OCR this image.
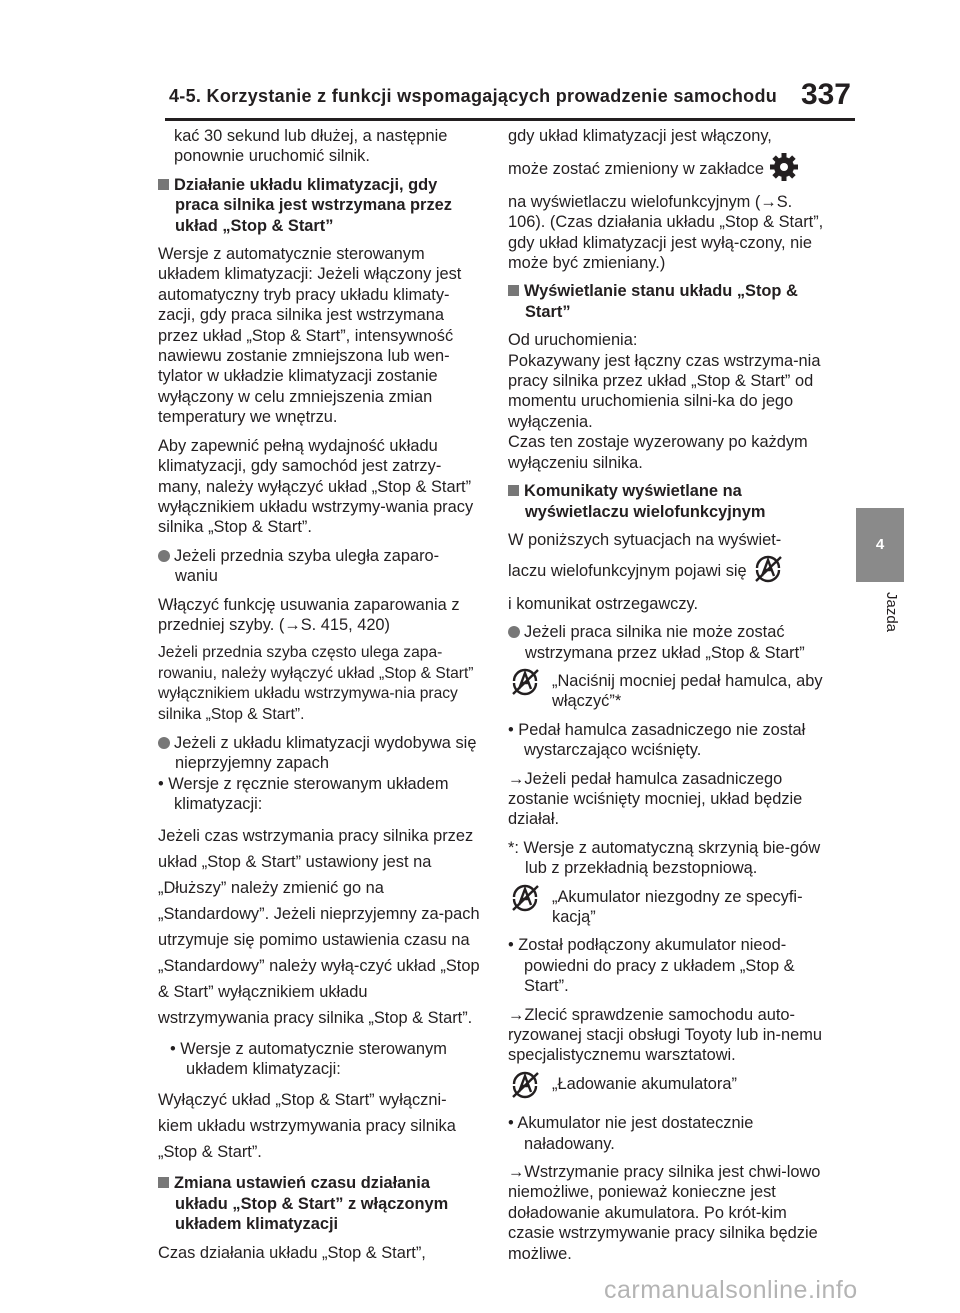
4-5. Korzystanie z funkcji wspomagających prowadzenie samochodu 337
4
Jazda

kać 30 sekund lub dłużej, a następnie ponownie uruchomić silnik.

Działanie układu klimatyzacji, gdy praca silnika jest wstrzymana przez układ „Stop & Start”

Wersje z automatycznie sterowanym układem klimatyzacji: Jeżeli włączony jest automatyczny tryb pracy układu klimaty-zacji, gdy praca silnika jest wstrzymana przez układ „Stop & Start”, intensywność nawiewu zostanie zmniejszona lub wen-tylator w układzie klimatyzacji zostanie wyłączony w celu zmniejszenia zmian temperatury we wnętrzu.

Aby zapewnić pełną wydajność układu klimatyzacji, gdy samochód jest zatrzy-many, należy wyłączyć układ „Stop & Start” wyłącznikiem układu wstrzymy-wania pracy silnika „Stop & Start”.

Jeżeli przednia szyba uległa zaparo-waniu

Włączyć funkcję usuwania zaparowania z przedniej szyby. (→S. 415, 420)

Jeżeli przednia szyba często ulega zapa-rowaniu, należy wyłączyć układ „Stop & Start” wyłącznikiem układu wstrzymywa-nia pracy silnika „Stop & Start”.

Jeżeli z układu klimatyzacji wydobywa się nieprzyjemny zapach

• Wersje z ręcznie sterowanym układem klimatyzacji:

Jeżeli czas wstrzymania pracy silnika przez układ „Stop & Start” ustawiony jest na „Dłuższy” należy zmienić go na „Standardowy”. Jeżeli nieprzyjemny za-pach utrzymuje się pomimo ustawienia czasu na „Standardowy” należy wyłą-czyć układ „Stop & Start” wyłącznikiem układu wstrzymywania pracy silnika „Stop & Start”.

• Wersje z automatycznie sterowanym układem klimatyzacji:

Wyłączyć układ „Stop & Start” wyłączni-kiem układu wstrzymywania pracy silnika „Stop & Start”.

Zmiana ustawień czasu działania układu „Stop & Start” z włączonym układem klimatyzacji

Czas działania układu „Stop & Start”,

gdy układ klimatyzacji jest włączony,

może zostać zmieniony w zakładce

na wyświetlaczu wielofunkcyjnym (→S. 106). (Czas działania układu „Stop & Start”, gdy układ klimatyzacji jest wyłą-czony, nie może być zmieniany.)

Wyświetlanie stanu układu „Stop & Start”

Od uruchomienia:

Pokazywany jest łączny czas wstrzyma-nia pracy silnika przez układ „Stop & Start” od momentu uruchomienia silni-ka do jego wyłączenia.

Czas ten zostaje wyzerowany po każdym wyłączeniu silnika.

Komunikaty wyświetlane na wyświetlaczu wielofunkcyjnym

W poniższych sytuacjach na wyświet-

laczu wielofunkcyjnym pojawi się

i komunikat ostrzegawczy.

Jeżeli praca silnika nie może zostać wstrzymana przez układ „Stop & Start”

„Naciśnij mocniej pedał hamulca, aby włączyć”*

• Pedał hamulca zasadniczego nie został wystarczająco wciśnięty.

→Jeżeli pedał hamulca zasadniczego zostanie wciśnięty mocniej, układ będzie działał.

*: Wersje z automatyczną skrzynią bie-gów lub z przekładnią bezstopniową.

„Akumulator niezgodny ze specyfi-kacją”

• Został podłączony akumulator nieod-powiedni do pracy z układem „Stop & Start”.

→Zlecić sprawdzenie samochodu auto-ryzowanej stacji obsługi Toyoty lub in-nemu specjalistycznemu warsztatowi.

„Ładowanie akumulatora”

• Akumulator nie jest dostatecznie naładowany.

→Wstrzymanie pracy silnika jest chwi-lowo niemożliwe, ponieważ konieczne jest doładowanie akumulatora. Po krót-kim czasie wstrzymywanie pracy silnika będzie możliwe.

carmanualsonline.info
